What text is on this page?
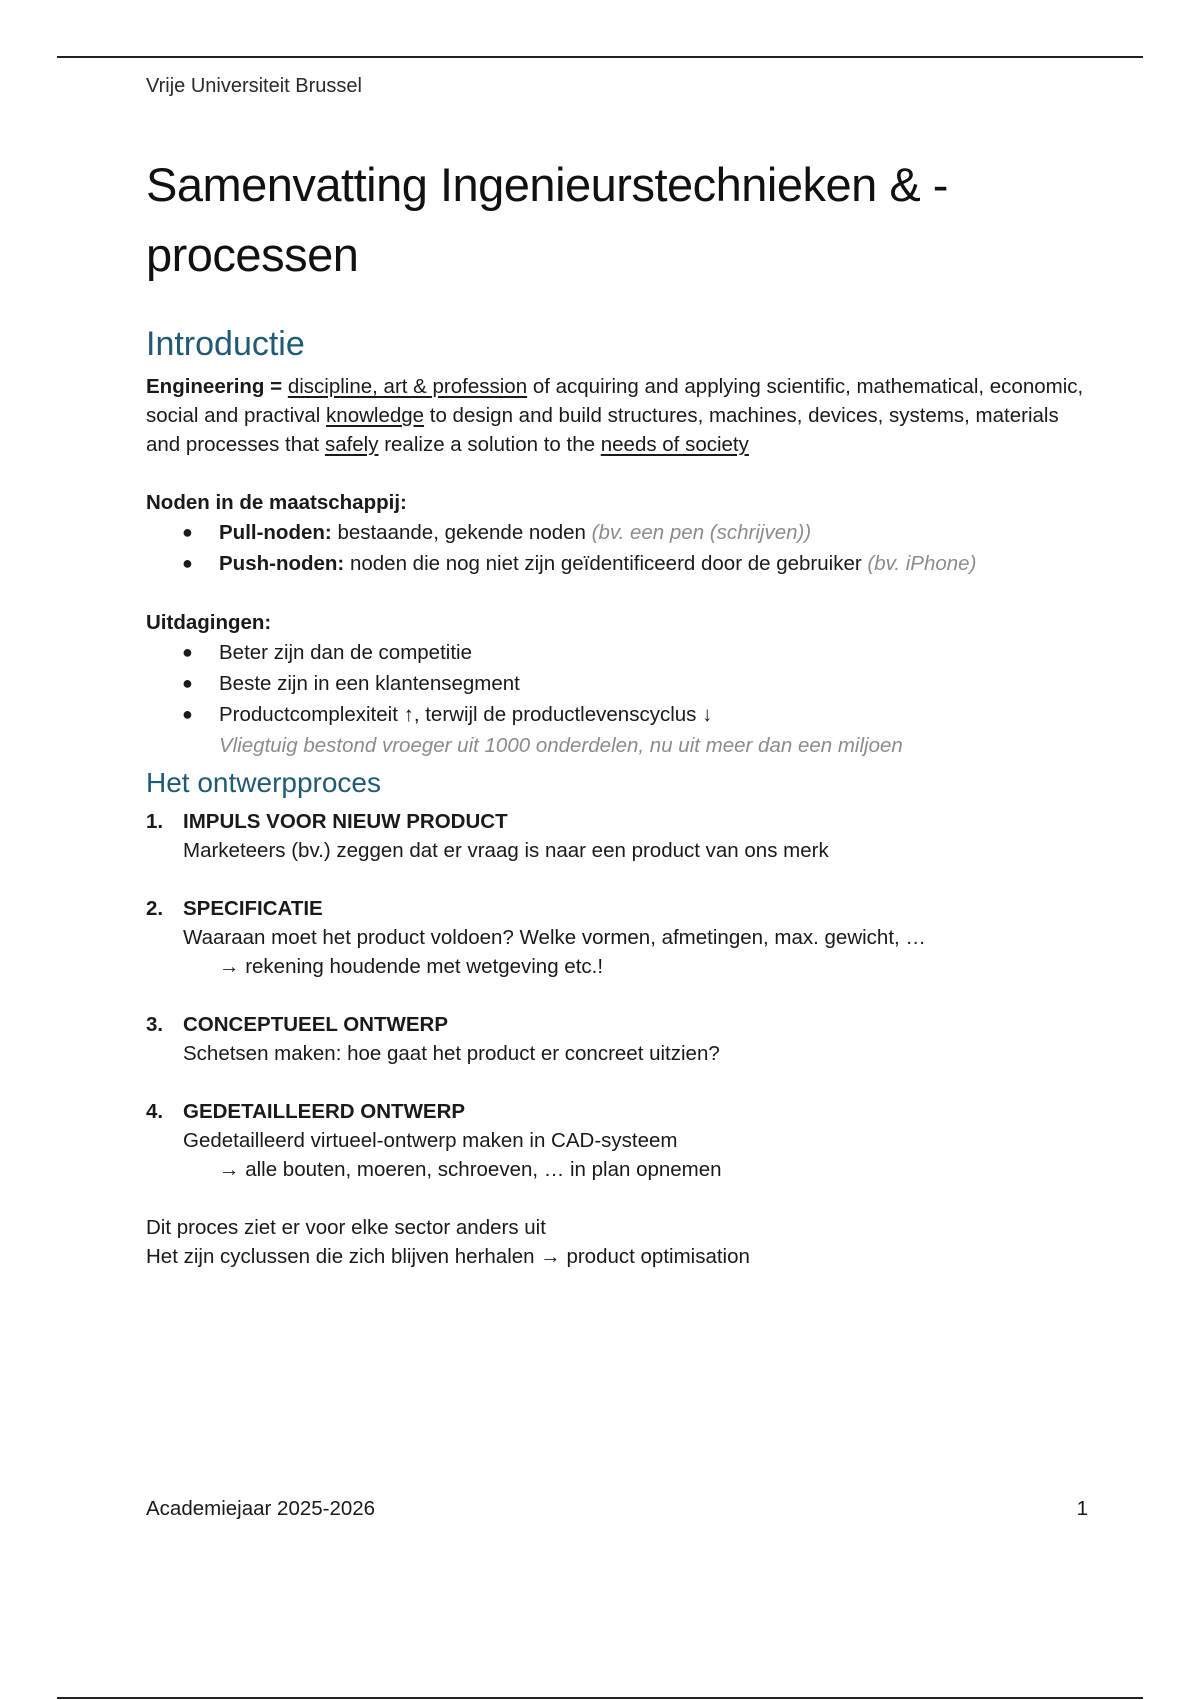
Vrije Universiteit Brussel
Samenvatting Ingenieurstechnieken & - processen
Introductie

Engineering = discipline, art & profession of acquiring and applying scientific, mathematical, economic, social and practival knowledge to design and build structures, machines, devices, systems, materials and processes that safely realize a solution to the needs of society

Noden in de maatschappij:

● Pull-noden: bestaande, gekende noden (bv. een pen (schrijven))
● Push-noden: noden die nog niet zijn geïdentificeerd door de gebruiker (bv. iPhone)

Uitdagingen:

● Beter zijn dan de competitie
● Beste zijn in een klantensegment
● Productcomplexiteit ↑, terwijl de productlevenscyclus ↓
Vliegtuig bestond vroeger uit 1000 onderdelen, nu uit meer dan een miljoen
Het ontwerpproces
1. IMPULS VOOR NIEUW PRODUCT
Marketeers (bv.) zeggen dat er vraag is naar een product van ons merk
2. SPECIFICATIE
Waaraan moet het product voldoen? Welke vormen, afmetingen, max. gewicht, …
→ rekening houdende met wetgeving etc.!
3. CONCEPTUEEL ONTWERP
Schetsen maken: hoe gaat het product er concreet uitzien?
4. GEDETAILLEERD ONTWERP
Gedetailleerd virtueel-ontwerp maken in CAD-systeem
→ alle bouten, moeren, schroeven, … in plan opnemen

Dit proces ziet er voor elke sector anders uit

Het zijn cyclussen die zich blijven herhalen → product optimisation

Academiejaar 2025-2026	1
